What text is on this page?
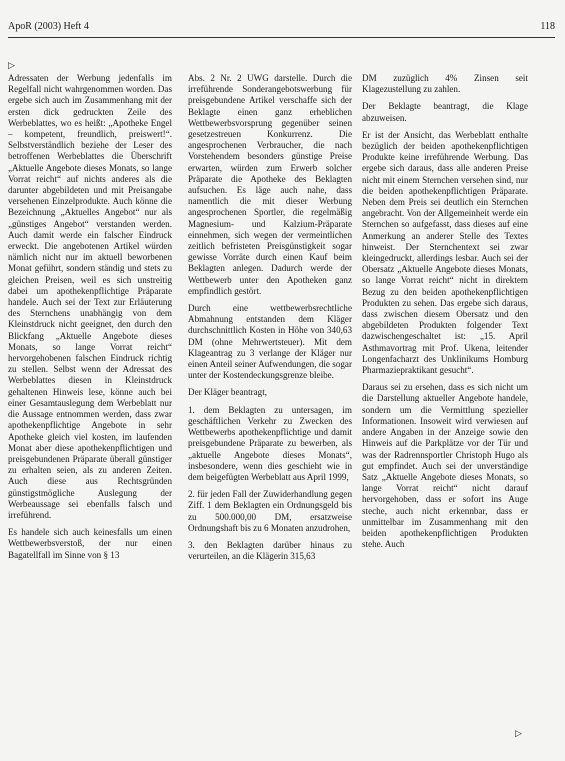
ApoR (2003) Heft 4	118
▷

Adressaten der Werbung jedenfalls im Regelfall nicht wahrgenommen worden. Das ergebe sich auch im Zusammenhang mit der ersten dick gedruckten Zeile des Werbeblattes, wo es heißt: „Apotheke Engel – kompetent, freundlich, preiswert!“. Selbstverständlich beziehe der Leser des betroffenen Werbeblattes die Überschrift „Aktuelle Angebote dieses Monats, so lange Vorrat reicht“ auf nichts anderes als die darunter abgebildeten und mit Preisangabe versehenen Einzelprodukte. Auch könne die Bezeichnung „Aktuelles Angebot“ nur als „günstiges Angebot“ verstanden werden. Auch damit werde ein falscher Eindruck erweckt. Die angebotenen Artikel würden nämlich nicht nur im aktuell beworbenen Monat geführt, sondern ständig und stets zu gleichen Preisen, weil es sich unstreitig dabei um apothekenpflichtige Präparate handele. Auch sei der Text zur Erläuterung des Sternchens unabhängig von dem Kleinstdruck nicht geeignet, den durch den Blickfang „Aktuelle Angebote dieses Monats, so lange Vorrat reicht“ hervorgehobenen falschen Eindruck richtig zu stellen. Selbst wenn der Adressat des Werbeblattes diesen in Kleinstdruck gehaltenen Hinweis lese, könne auch bei einer Gesamtauslegung dem Werbeblatt nur die Aussage entnommen werden, dass zwar apothekenpflichtige Angebote in sehr Apotheke gleich viel kosten, im laufenden Monat aber diese apothekenpflichtigen und preisgebundenen Präparate überall günstiger zu erhalten seien, als zu anderen Zeiten. Auch diese aus Rechtsgründen günstigstmögliche Auslegung der Werbeaussage sei ebenfalls falsch und irreführend.

Es handele sich auch keinesfalls um einen Wettbewerbsverstoß, der nur einen Bagatellfall im Sinne von § 13

Abs. 2 Nr. 2 UWG darstelle. Durch die irreführende Sonderangebotswerbung für preisgebundene Artikel verschaffe sich der Beklagte einen ganz erheblichen Wettbewerbsvorsprung gegenüber seinen gesetzestreuen Konkurrenz. Die angesprochenen Verbraucher, die nach Vorstehendem besonders günstige Preise erwarten, würden zum Erwerb solcher Präparate die Apotheke des Beklagten aufsuchen. Es läge auch nahe, dass namentlich die mit dieser Werbung angesprochenen Sportler, die regelmäßig Magnesium- und Kalzium-Präparate einnehmen, sich wegen der vermeintlichen zeitlich befristeten Preisgünstigkeit sogar gewisse Vorräte durch einen Kauf beim Beklagten anlegen. Dadurch werde der Wettbewerb unter den Apotheken ganz empfindlich gestört.

Durch eine wettbewerbsrechtliche Abmahnung entstanden dem Kläger durchschnittlich Kosten in Höhe von 340,63 DM (ohne Mehrwertsteuer). Mit dem Klageantrag zu 3 verlange der Kläger nur einen Anteil seiner Aufwendungen, die sogar unter der Kostendeckungsgrenze bleibe.

Der Kläger beantragt,

1. dem Beklagten zu untersagen, im geschäftlichen Verkehr zu Zwecken des Wettbewerbs apothekenpflichtige und damit preisgebundene Präparate zu bewerben, als „aktuelle Angebote dieses Monats“, insbesondere, wenn dies geschieht wie in dem beigefügten Werbeblatt aus April 1999,

2. für jeden Fall der Zuwiderhandlung gegen Ziff. 1 dem Beklagten ein Ordnungsgeld bis zu 500.000,00 DM, ersatzweise Ordnungshaft bis zu 6 Monaten anzudrohen,

3. den Beklagten darüber hinaus zu verurteilen, an die Klägerin 315,63

DM zuzüglich 4% Zinsen seit Klagezustellung zu zahlen.

Der Beklagte beantragt, die Klage abzuweisen.

Er ist der Ansicht, das Werbeblatt enthalte bezüglich der beiden apothekenpflichtigen Produkte keine irreführende Werbung. Das ergebe sich daraus, dass alle anderen Preise nicht mit einem Sternchen versehen sind, nur die beiden apothekenpflichtigen Präparate. Neben dem Preis sei deutlich ein Sternchen angebracht. Von der Allgemeinheit werde ein Sternchen so aufgefasst, dass dieses auf eine Anmerkung an anderer Stelle des Textes hinweist. Der Sternchentext sei zwar kleingedruckt, allerdings lesbar. Auch sei der Obersatz „Aktuelle Angebote dieses Monats, so lange Vorrat reicht“ nicht in direktem Bezug zu den beiden apothekenpflichtigen Produkten zu sehen. Das ergebe sich daraus, dass zwischen diesem Obersatz und den abgebildeten Produkten folgender Text dazwischengeschaltet ist: „15. April Asthmavortrag mit Prof. Ukena, leitender Longenfacharzt des Unklinikums Homburg Pharmaziepraktikant gesucht“.

Daraus sei zu ersehen, dass es sich nicht um die Darstellung aktueller Angebote handele, sondern um die Vermittlung spezieller Informationen. Insoweit wird verwiesen auf andere Angaben in der Anzeige sowie den Hinweis auf die Parkplätze vor der Tür und was der Radrennsportler Christoph Hugo als gut empfindet. Auch sei der unverständige Satz „Aktuelle Angebote dieses Monats, so lange Vorrat reicht“ nicht darauf hervorgehoben, dass er sofort ins Auge steche, auch nicht erkennbar, dass er unmittelbar im Zusammenhang mit den beiden apothekenpflichtigen Produkten stehe. Auch

▷
